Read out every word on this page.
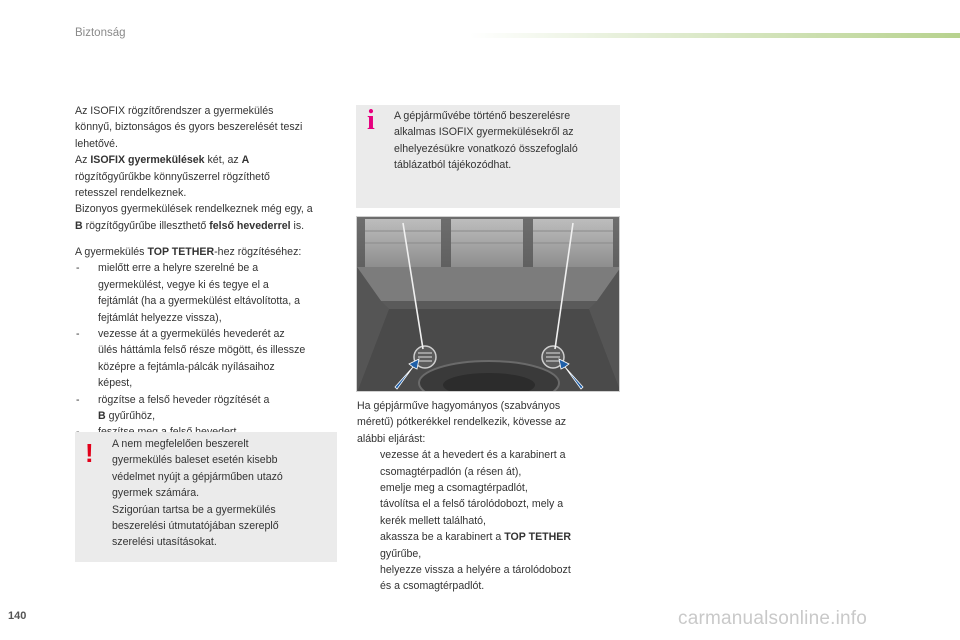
Biztonság

Az ISOFIX rögzítőrendszer a gyermekülés

könnyű, biztonságos és gyors beszerelését teszi

lehetővé.

Az ISOFIX gyermekülések két, az A

rögzítőgyűrűkbe könnyűszerrel rögzíthető

retesszel rendelkeznek.

Bizonyos gyermekülések rendelkeznek még egy, a

B rögzítőgyűrűbe illeszthető felső hevederrel is.

A gyermekülés TOP TETHER-hez rögzítéséhez:

- mielőtt erre a helyre szerelné be a
gyermekülést, vegye ki és tegye el a
fejtámlát (ha a gyermekülést eltávolította, a
fejtámlát helyezze vissza),
- vezesse át a gyermekülés hevederét az
ülés háttámla felső része mögött, és illessze
középre a fejtámla-pálcák nyílásaihoz
képest,
- rögzítse a felső heveder rögzítését a
B gyűrűhöz,
! A nem megfelelően beszerelt
gyermekülés baleset esetén kisebb
védelmet nyújt a gépjárműben utazó
gyermek számára.
Szigorúan tartsa be a gyermekülés
beszerelési útmutatójában szereplő
szerelési utasításokat.
i A gépjárművébe történő beszerelésre
alkalmas ISOFIX gyermekülésekről az
elhelyezésükre vonatkozó összefoglaló
táblázatból tájékozódhat.
Ha gépjárműve hagyományos (szabványos
méretű) pótkerékkel rendelkezik, kövesse az
alábbi eljárást:
vezesse át a hevedert és a karabinert a
csomagtérpadlón (a résen át),
emelje meg a csomagtérpadlót,
távolítsa el a felső tárolódobozt, mely a
kerék mellett található,
akassza be a karabinert a TOP TETHER
gyűrűbe,
helyezze vissza a helyére a tárolódobozt
és a csomagtérpadlót.
140	carmanualsonline.info
